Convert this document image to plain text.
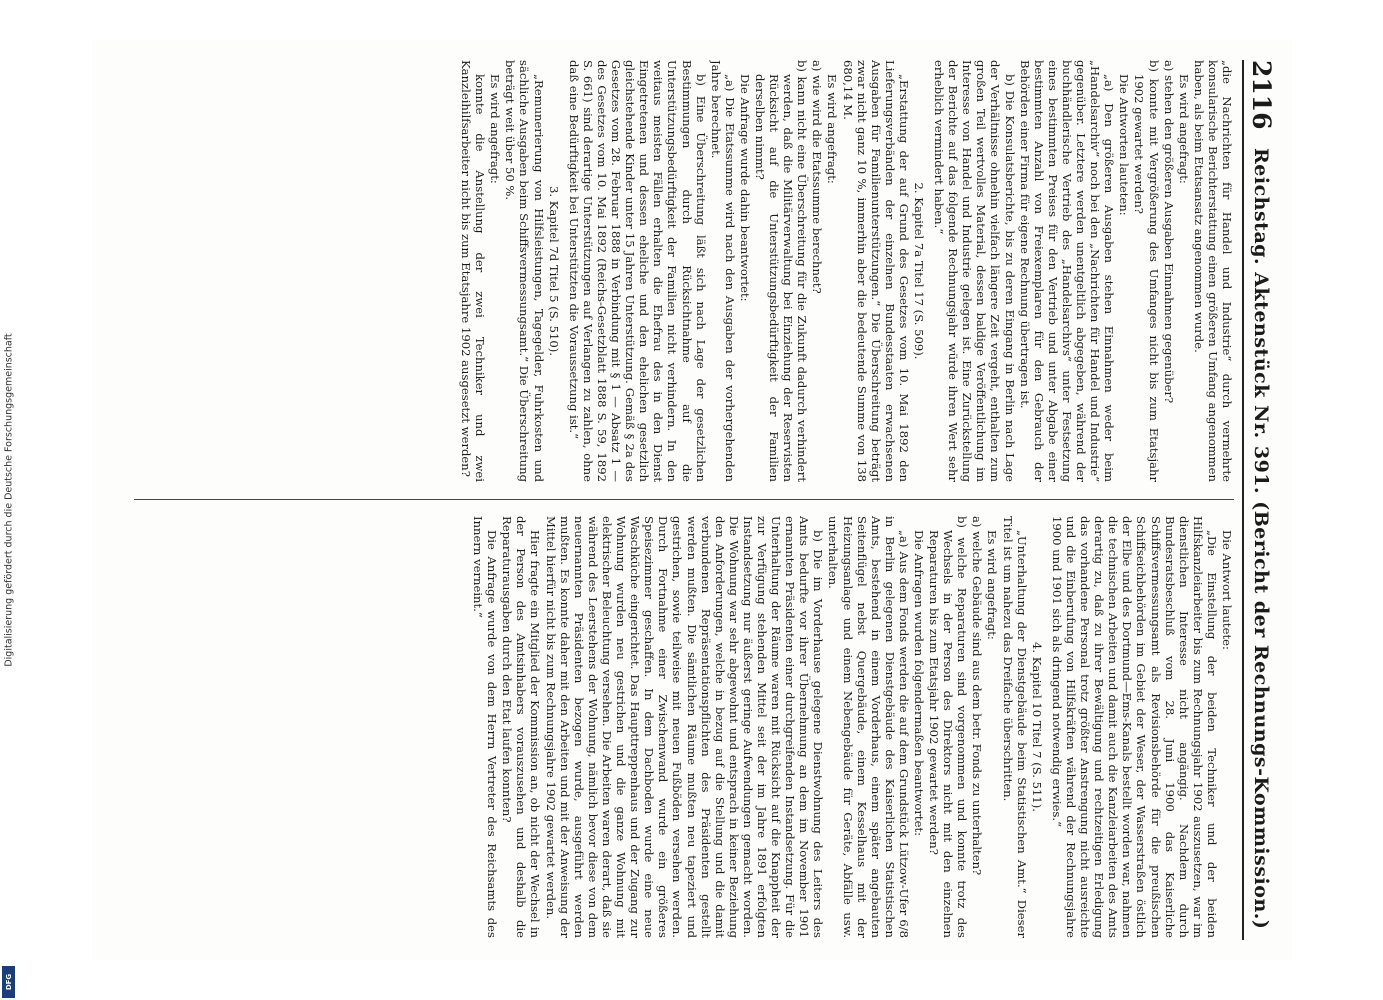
2116
Reichstag. Aktenstück Nr. 391. (Bericht der Rechnungs-Kommission.)

„die Nachrichten für Handel und Industrie“ durch vermehrte konsularische Berichterstattung einen größeren Umfang angenommen haben, als beim Etatsansatz angenommen wurde.

Es wird angefragt:

a) stehen den größeren Ausgaben Einnahmen gegenüber?

b) konnte mit Vergrößerung des Umfanges nicht bis zum Etatsjahr 1902 gewartet werden?

Die Antworten lauteten:

„a) Den größeren Ausgaben stehen Einnahmen weder beim „Handelsarchiv“ noch bei den „Nachrichten für Handel und Industrie“ gegenüber. Letztere werden unentgeltlich abgegeben, während der buchhändlerische Vertrieb des „Handelsarchivs“ unter Festsetzung eines bestimmten Preises für den Vertrieb und unter Abgabe einer bestimmten Anzahl von Freiexemplaren für den Gebrauch der Behörden einer Firma für eigene Rechnung übertragen ist.

b) Die Konsulatsberichte, bis zu deren Eingang in Berlin nach Lage der Verhältnisse ohnehin vielfach längere Zeit vergeht, enthalten zum großen Teil wertvolles Material, dessen baldige Veröffentlichung im Interesse von Handel und Industrie gelegen ist. Eine Zurückstellung der Berichte auf das folgende Rechnungsjahr würde ihren Wert sehr erheblich vermindert haben.“

2. Kapitel 7a Titel 17 (S. 509).

„Erstattung der auf Grund des Gesetzes vom 10. Mai 1892 den Lieferungsverbänden der einzelnen Bundesstaaten erwachsenen Ausgaben für Familienunterstützungen.“ Die Überschreitung beträgt zwar nicht ganz 10 %, immerhin aber die bedeutende Summe von 138 680,14 M.

Es wird angefragt:

a) wie wird die Etatssumme berechnet?

b) kann nicht eine Überschreitung für die Zukunft dadurch verhindert werden, daß die Militärverwaltung bei Einziehung der Reservisten Rücksicht auf die Unterstützungsbedürftigkeit der Familien derselben nimmt?

Die Anfrage wurde dahin beantwortet:

„a) Die Etatssumme wird nach den Ausgaben der vorhergehenden Jahre berechnet.

b) Eine Überschreitung läßt sich nach Lage der gesetzlichen Bestimmungen durch Rücksichtnahme auf die Unterstützungsbedürftigkeit der Familien nicht verhindern. In den weitaus meisten Fällen erhalten die Ehefrau des in den Dienst Eingetretenen und dessen eheliche und den ehelichen gesetzlich gleichstehende Kinder unter 15 Jahren Unterstützung. Gemäß § 2a des Gesetzes vom 28. Februar 1888 in Verbindung mit § 1 — Absatz 1 — des Gesetzes vom 10. Mai 1892 (Reichs-Gesetzblatt 1888 S. 59, 1892 S. 661) sind derartige Unterstützungen auf Verlangen zu zahlen, ohne daß eine Bedürftigkeit bei Unterstützten die Voraussetzung ist.“

3. Kapitel 7d Titel 5 (S. 510).

„Remunerierung von Hilfsleistungen, Tagegelder, Fuhrkosten und sächliche Ausgaben beim Schiffsvermessungsamt.“ Die Überschreitung beträgt weit über 50 %.

Es wird angefragt:

konnte die Anstellung der zwei Techniker und zwei Kanzleihilfsarbeiter nicht bis zum Etatsjahre 1902 ausgesetzt werden?

Die Antwort lautete:

„Die Einstellung der beiden Techniker und der beiden Hilfskanzleiarbeiter bis zum Rechnungsjahr 1902 auszusetzen, war im dienstlichen Interesse nicht angängig. Nachdem durch Bundesratsbeschluß vom 28. Juni 1900 das Kaiserliche Schiffsvermessungsamt als Revisionsbehörde für die preußischen Schiffseichbehörden im Gebiet der Weser, der Wasserstraßen östlich der Elbe und des Dortmund—Ems-Kanals bestellt worden war, nahmen die technischen Arbeiten und damit auch die Kanzleiarbeiten des Amts derartig zu, daß zu ihrer Bewältigung und rechtzeitigen Erledigung das vorhandene Personal trotz größter Anstrengung nicht ausreichte und die Einberufung von Hilfskräften während der Rechnungsjahre 1900 und 1901 sich als dringend notwendig erwies.“

4. Kapitel 10 Titel 7 (S. 511).

„Unterhaltung der Dienstgebäude beim Statistischen Amt.“ Dieser Titel ist um nahezu das Dreifache überschritten.

Es wird angefragt:

a) welche Gebäude sind aus dem betr. Fonds zu unterhalten?

b) welche Reparaturen sind vorgenommen und konnte trotz des Wechsels in der Person des Direktors nicht mit den einzelnen Reparaturen bis zum Etatsjahr 1902 gewartet werden?

Die Anfragen wurden folgendermaßen beantwortet:

„a) Aus dem Fonds werden die auf dem Grundstück Lützow-Ufer 6/8 in Berlin gelegenen Dienstgebäude des Kaiserlichen Statistischen Amts, bestehend in einem Vorderhaus, einem später angebauten Seitenflügel nebst Quergebäude, einem Kesselhaus mit der Heizungsanlage und einem Nebengebäude für Geräte, Abfälle usw. unterhalten.

b) Die im Vorderhause gelegene Dienstwohnung des Leiters des Amts bedurfte vor ihrer Übernehmung an dem im November 1901 ernannten Präsidenten einer durchgreifenden Instandsetzung. Für die Unterhaltung der Räume waren mit Rücksicht auf die Knappheit der zur Verfügung stehenden Mittel seit der im Jahre 1891 erfolgten Instandsetzung nur äußerst geringe Aufwendungen gemacht worden. Die Wohnung war sehr abgewohnt und entsprach in keiner Beziehung den Anforderungen, welche in bezug auf die Stellung und die damit verbundenen Repräsentationspflichten des Präsidenten gestellt werden mußten. Die sämtlichen Räume mußten neu tapeziert und gestrichen, sowie teilweise mit neuen Fußböden versehen werden. Durch Fortnahme einer Zwischenwand wurde ein größeres Speisezimmer geschaffen. In dem Dachboden wurde eine neue Waschküche eingerichtet. Das Haupttreppenhaus und der Zugang zur Wohnung wurden neu gestrichen und die ganze Wohnung mit elektrischer Beleuchtung versehen. Die Arbeiten waren derart, daß sie während des Leerstehens der Wohnung, nämlich bevor diese von dem neuernannten Präsidenten bezogen wurde, ausgeführt werden mußten. Es konnte daher mit den Arbeiten und mit der Anweisung der Mittel hierfür nicht bis zum Rechnungsjahre 1902 gewartet werden.

Hier fragte ein Mitglied der Kommission an, ob nicht der Wechsel in der Person des Amtsinhabers vorauszusehen und deshalb die Reparaturausgaben durch den Etat laufen konnten?

Die Anfrage wurde von dem Herrn Vertreter des Reichsamts des Innern verneint.“

Digitalisierung gefördert durch die Deutsche Forschungsgemeinschaft
DFG
